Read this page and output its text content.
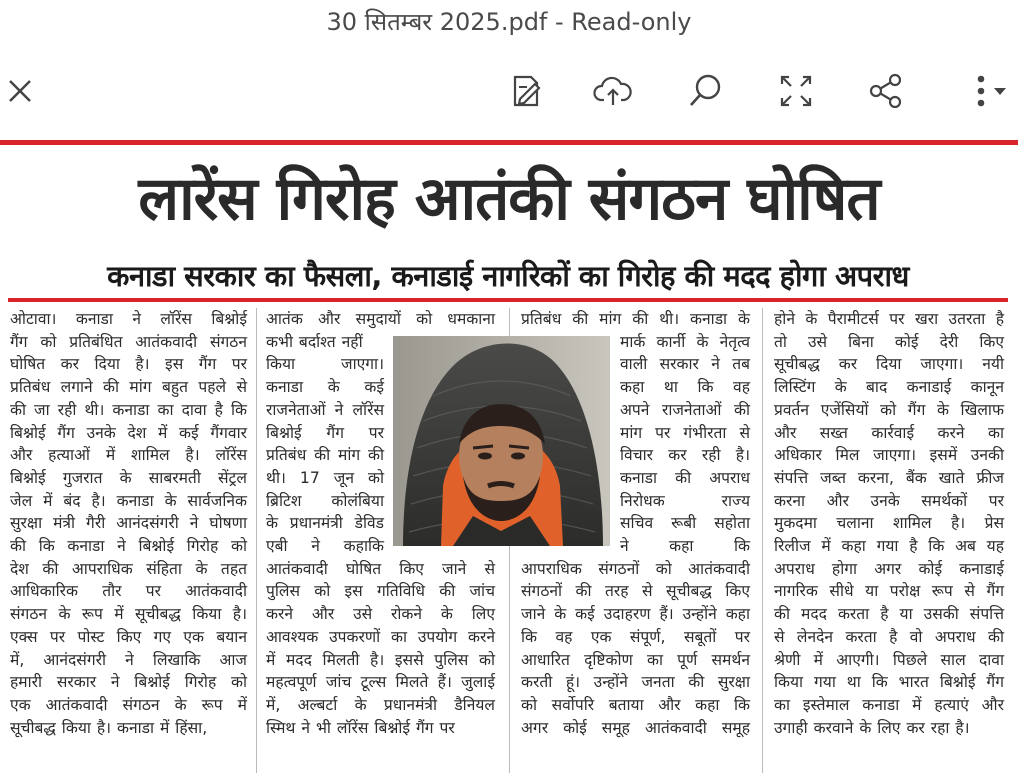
30 सितम्बर 2025.pdf - Read-only
लारेंस गिरोह आतंकी संगठन घोषित
कनाडा सरकार का फैसला, कनाडाई नागरिकों का गिरोह की मदद होगा अपराध
ओटावा। कनाडा ने लॉरेंस बिश्नोई
गैंग को प्रतिबंधित आतंकवादी संगठन
घोषित कर दिया है। इस गैंग पर
प्रतिबंध लगाने की मांग बहुत पहले से
की जा रही थी। कनाडा का दावा है कि
बिश्नोई गैंग उनके देश में कई गैंगवार
और हत्याओं में शामिल है। लॉरेंस
बिश्नोई गुजरात के साबरमती सेंट्रल
जेल में बंद है। कनाडा के सार्वजनिक
सुरक्षा मंत्री गैरी आनंदसंगरी ने घोषणा
की कि कनाडा ने बिश्नोई गिरोह को
देश की आपराधिक संहिता के तहत
आधिकारिक तौर पर आतंकवादी
संगठन के रूप में सूचीबद्ध किया है।
एक्स पर पोस्ट किए गए एक बयान
में, आनंदसंगरी ने लिखाकि आज
हमारी सरकार ने बिश्नोई गिरोह को
एक आतंकवादी संगठन के रूप में
सूचीबद्ध किया है। कनाडा में हिंसा,
आतंक और समुदायों को धमकाना
कभी बर्दाश्त नहीं
किया जाएगा।
कनाडा के कई
राजनेताओं ने लॉरेंस
बिश्नोई गैंग पर
प्रतिबंध की मांग की
थी। 17 जून को
ब्रिटिश कोलंबिया
के प्रधानमंत्री डेविड
एबी ने कहाकि
आतंकवादी घोषित किए जाने से
पुलिस को इस गतिविधि की जांच
करने और उसे रोकने के लिए
आवश्यक उपकरणों का उपयोग करने
में मदद मिलती है। इससे पुलिस को
महत्वपूर्ण जांच टूल्स मिलते हैं। जुलाई
में, अल्बर्टा के प्रधानमंत्री डैनियल
स्मिथ ने भी लॉरेंस बिश्नोई गैंग पर
प्रतिबंध की मांग की थी। कनाडा के
मार्क कार्नी के नेतृत्व
वाली सरकार ने तब
कहा था कि वह
अपने राजनेताओं की
मांग पर गंभीरता से
विचार कर रही है।
कनाडा की अपराध
निरोधक राज्य
सचिव रूबी सहोता
ने कहा कि
आपराधिक संगठनों को आतंकवादी
संगठनों की तरह से सूचीबद्ध किए
जाने के कई उदाहरण हैं। उन्होंने कहा
कि वह एक संपूर्ण, सबूतों पर
आधारित दृष्टिकोण का पूर्ण समर्थन
करती हूं। उन्होंने जनता की सुरक्षा
को सर्वोपरि बताया और कहा कि
अगर कोई समूह आतंकवादी समूह
होने के पैरामीटर्स पर खरा उतरता है
तो उसे बिना कोई देरी किए
सूचीबद्ध कर दिया जाएगा। नयी
लिस्टिंग के बाद कनाडाई कानून
प्रवर्तन एजेंसियों को गैंग के खिलाफ
और सख्त कार्रवाई करने का
अधिकार मिल जाएगा। इसमें उनकी
संपत्ति जब्त करना, बैंक खाते फ्रीज
करना और उनके समर्थकों पर
मुकदमा चलाना शामिल है। प्रेस
रिलीज में कहा गया है कि अब यह
अपराध होगा अगर कोई कनाडाई
नागरिक सीधे या परोक्ष रूप से गैंग
की मदद करता है या उसकी संपत्ति
से लेनदेन करता है वो अपराध की
श्रेणी में आएगी। पिछले साल दावा
किया गया था कि भारत बिश्नोई गैंग
का इस्तेमाल कनाडा में हत्याएं और
उगाही करवाने के लिए कर रहा है।
